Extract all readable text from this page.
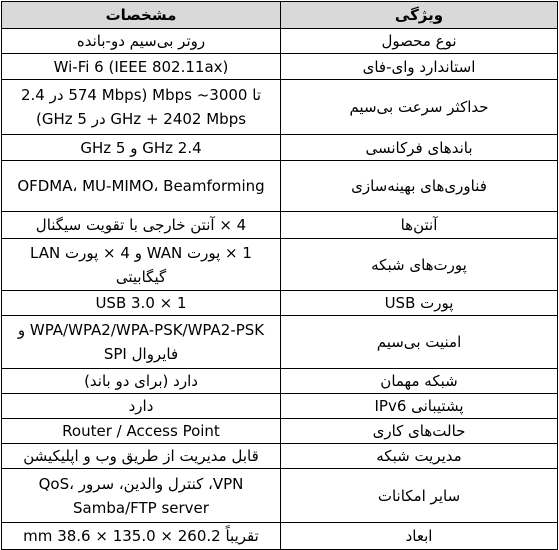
ویژگی	مشخصات
نوع محصول	روتر بی‌سیم دو-بانده
استاندارد وای-فای	Wi-Fi 6 (IEEE 802.11ax)
حداکثر سرعت بی‌سیم	تا 3000~ Mbps (574 Mbps در 2.4 GHz + 2402 Mbps در 5 GHz)
باندهای فرکانسی	2.4 GHz و 5 GHz
فناوری‌های بهینه‌سازی	OFDMA، MU-MIMO، Beamforming
آنتن‌ها	4 × آنتن خارجی با تقویت سیگنال
پورت‌های شبکه	1 × پورت WAN و 4 × پورت LAN گیگابیتی
پورت USB	1 × USB 3.0
امنیت بی‌سیم	WPA/WPA2/WPA-PSK/WPA2-PSK و فایروال SPI
شبکه مهمان	دارد (برای دو باند)
پشتیبانی IPv6	دارد
حالت‌های کاری	Router / Access Point
مدیریت شبکه	قابل مدیریت از طریق وب و اپلیکیشن
سایر امکانات	VPN، کنترل والدین، سرور QoS، Samba/FTP server
ابعاد	تقریباً 260.2 × 135.0 × 38.6 mm
